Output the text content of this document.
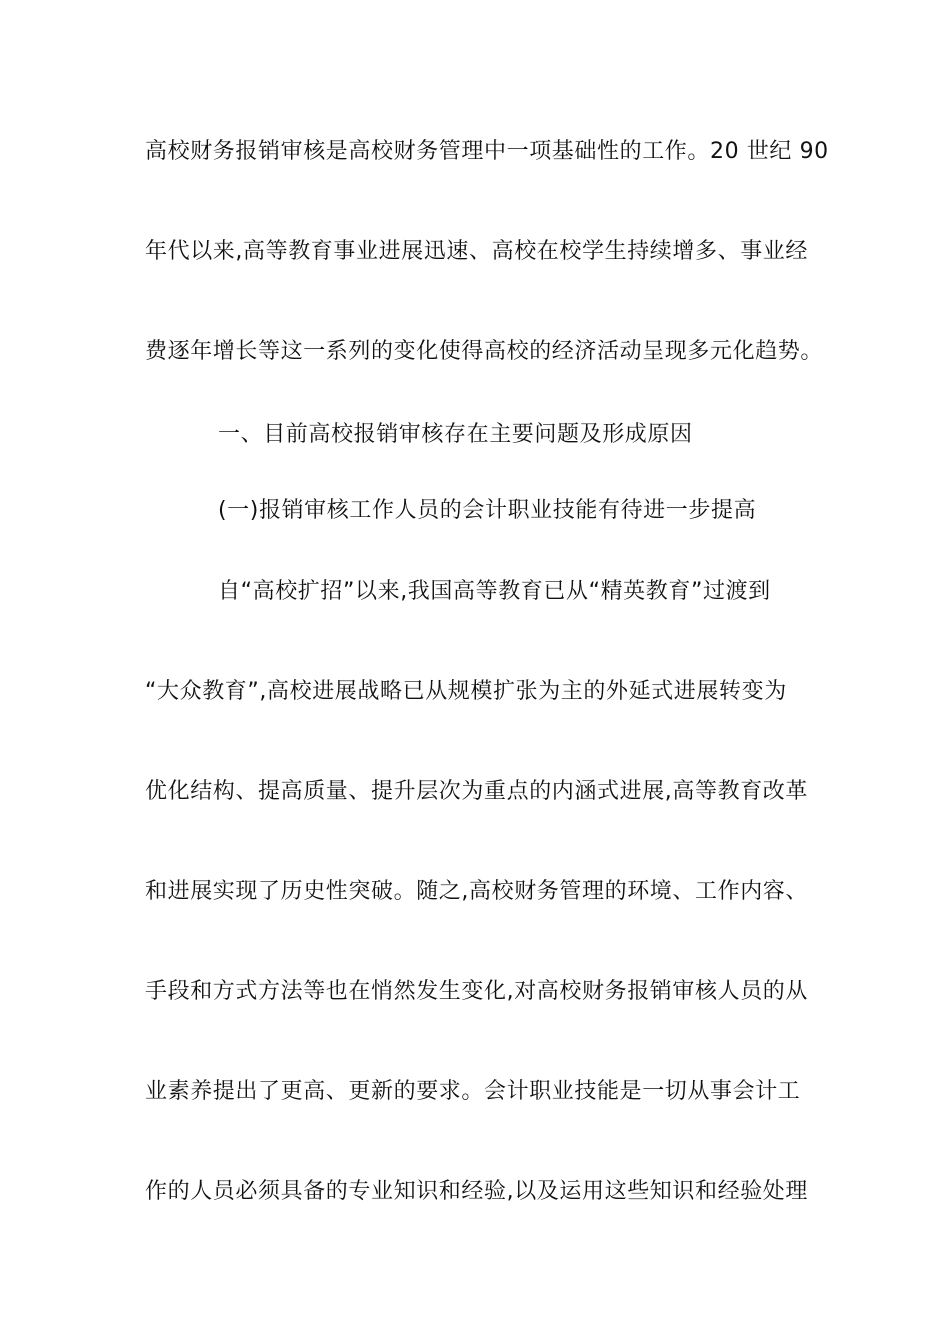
高校财务报销审核是高校财务管理中一项基础性的工作。20 世纪 90
年代以来,高等教育事业进展迅速、高校在校学生持续增多、事业经
费逐年增长等这一系列的变化使得高校的经济活动呈现多元化趋势。
一、目前高校报销审核存在主要问题及形成原因
(一)报销审核工作人员的会计职业技能有待进一步提高
自“高校扩招”以来,我国高等教育已从“精英教育”过渡到
“大众教育”,高校进展战略已从规模扩张为主的外延式进展转变为
优化结构、提高质量、提升层次为重点的内涵式进展,高等教育改革
和进展实现了历史性突破。随之,高校财务管理的环境、工作内容、
手段和方式方法等也在悄然发生变化,对高校财务报销审核人员的从
业素养提出了更高、更新的要求。会计职业技能是一切从事会计工
作的人员必须具备的专业知识和经验,以及运用这些知识和经验处理
